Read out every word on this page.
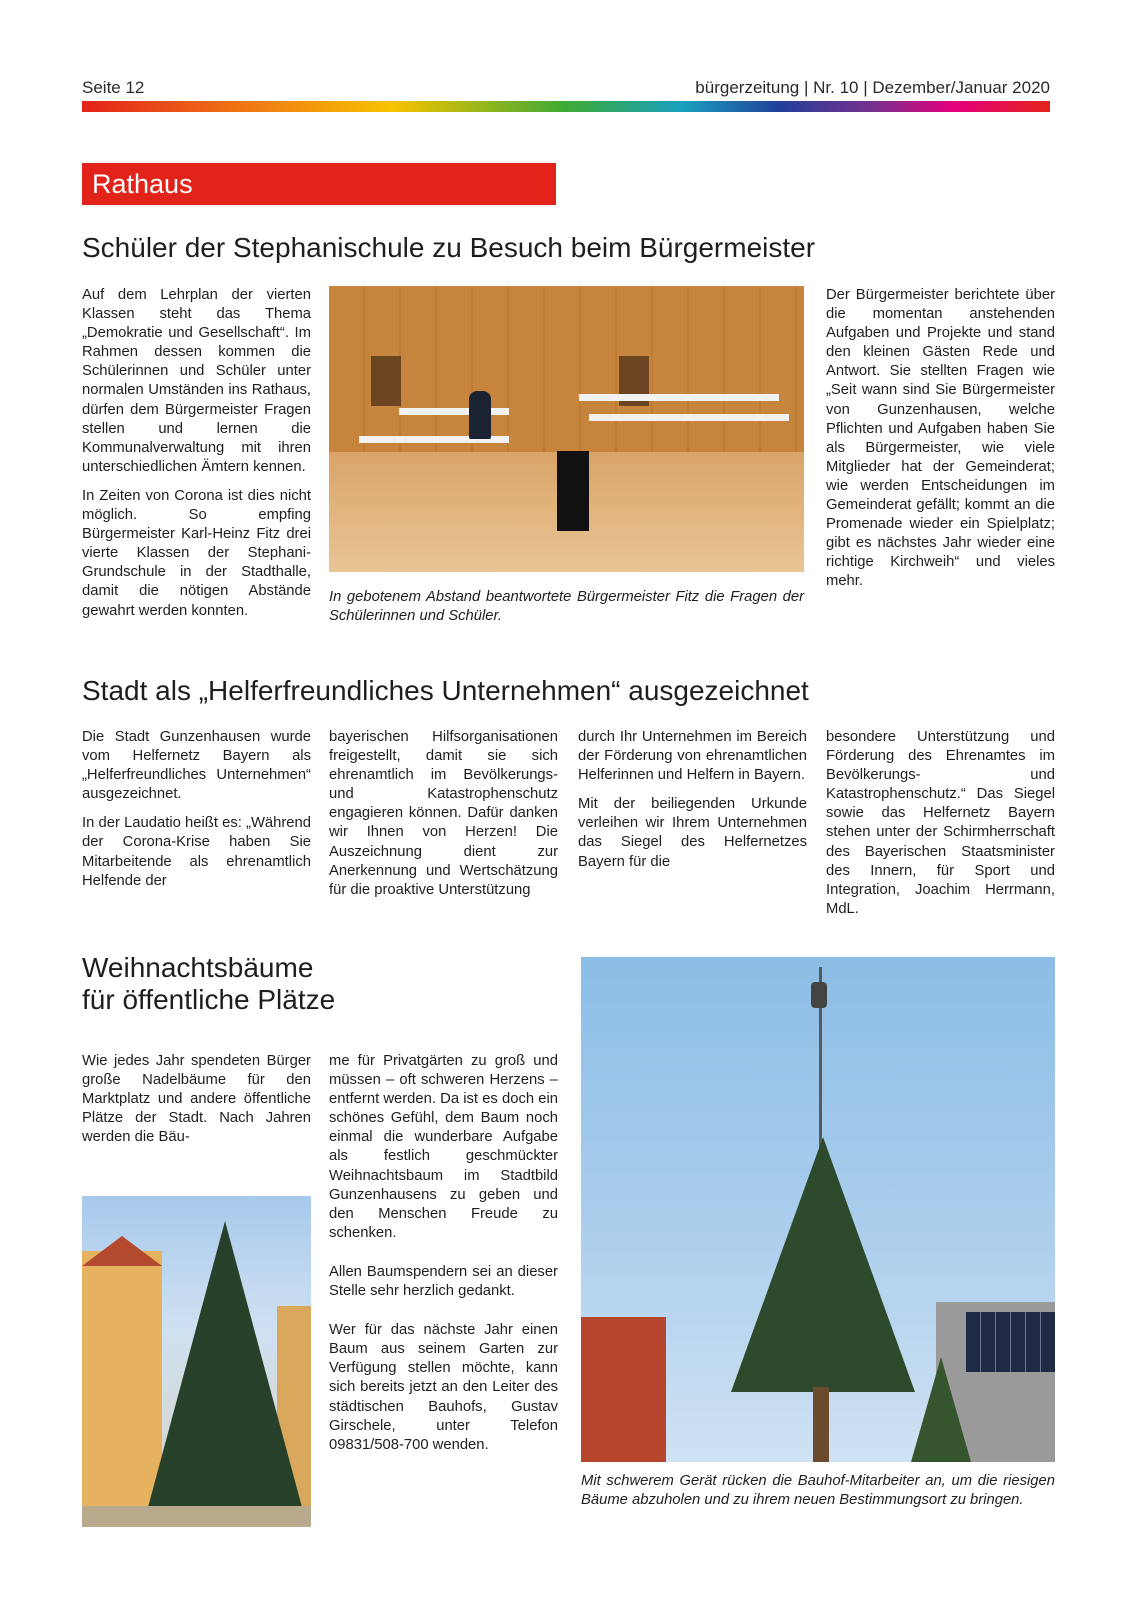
Seite 12	bürgerzeitung | Nr. 10 | Dezember/Januar 2020
Rathaus
Schüler der Stephanischule zu Besuch beim Bürgermeister

Auf dem Lehrplan der vierten Klassen steht das Thema „Demokratie und Gesellschaft“. Im Rahmen dessen kommen die Schülerinnen und Schüler unter normalen Umständen ins Rathaus, dürfen dem Bürgermeister Fragen stellen und lernen die Kommunalverwaltung mit ihren unterschiedlichen Ämtern kennen.

In Zeiten von Corona ist dies nicht möglich. So empfing Bürgermeister Karl-Heinz Fitz drei vierte Klassen der Stephani-Grundschule in der Stadthalle, damit die nötigen Abstände gewahrt werden konnten.

In gebotenem Abstand beantwortete Bürgermeister Fitz die Fragen der Schülerinnen und Schüler.

Der Bürgermeister berichtete über die momentan anstehenden Aufgaben und Projekte und stand den kleinen Gästen Rede und Antwort. Sie stellten Fragen wie „Seit wann sind Sie Bürgermeister von Gunzenhausen, welche Pflichten und Aufgaben haben Sie als Bürgermeister, wie viele Mitglieder hat der Gemeinderat; wie werden Entscheidungen im Gemeinderat gefällt; kommt an die Promenade wieder ein Spielplatz; gibt es nächstes Jahr wieder eine richtige Kirchweih“ und vieles mehr.

Stadt als „Helferfreundliches Unternehmen“ ausgezeichnet

Die Stadt Gunzenhausen wurde vom Helfernetz Bayern als „Helferfreundliches Unternehmen“ ausgezeichnet.

In der Laudatio heißt es: „Während der Corona-Krise haben Sie Mitarbeitende als ehrenamtlich Helfende der

bayerischen Hilfsorganisationen freigestellt, damit sie sich ehrenamtlich im Bevölkerungs- und Katastrophenschutz engagieren können. Dafür danken wir Ihnen von Herzen! Die Auszeichnung dient zur Anerkennung und Wertschätzung für die proaktive Unterstützung

durch Ihr Unternehmen im Bereich der Förderung von ehrenamtlichen Helferinnen und Helfern in Bayern.

Mit der beiliegenden Urkunde verleihen wir Ihrem Unternehmen das Siegel des Helfernetzes Bayern für die

besondere Unterstützung und Förderung des Ehrenamtes im Bevölkerungs- und Katastrophenschutz.“ Das Siegel sowie das Helfernetz Bayern stehen unter der Schirmherrschaft des Bayerischen Staatsminister des Innern, für Sport und Integration, Joachim Herrmann, MdL.

Weihnachtsbäume
für öffentliche Plätze

Wie jedes Jahr spendeten Bürger große Nadelbäume für den Marktplatz und andere öffentliche Plätze der Stadt. Nach Jahren werden die Bäu-

me für Privatgärten zu groß und müssen – oft schweren Herzens – entfernt werden. Da ist es doch ein schönes Gefühl, dem Baum noch einmal die wunderbare Aufgabe als festlich geschmückter Weihnachtsbaum im Stadtbild Gunzenhausens zu geben und den Menschen Freude zu schenken.

Allen Baumspendern sei an dieser Stelle sehr herzlich gedankt.

Wer für das nächste Jahr einen Baum aus seinem Garten zur Verfügung stellen möchte, kann sich bereits jetzt an den Leiter des städtischen Bauhofs, Gustav Girschele, unter Telefon 09831/508-700 wenden.

Mit schwerem Gerät rücken die Bauhof-Mitarbeiter an, um die riesigen Bäume abzuholen und zu ihrem neuen Bestimmungsort zu bringen.
